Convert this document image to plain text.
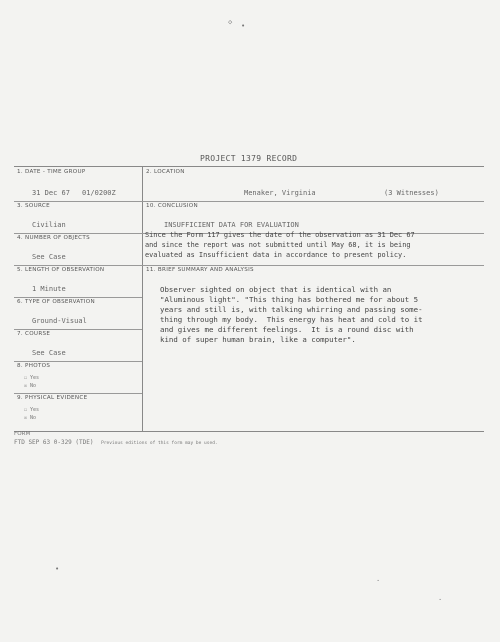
◇ •
PROJECT 1379 RECORD
1. DATE - TIME GROUP
31 Dec 67 01/0200Z
2. LOCATION
Menaker, Virginia	(3 Witnesses)
3. SOURCE
Civilian
10. CONCLUSION
INSUFFICIENT DATA FOR EVALUATION
Since the Form 117 gives the date of the observation as 31 Dec 67
and since the report was not submitted until May 68, it is being
evaluated as Insufficient data in accordance to present policy.
4. NUMBER OF OBJECTS
See Case
5. LENGTH OF OBSERVATION
1 Minute
11. BRIEF SUMMARY AND ANALYSIS
Observer sighted on object that is identical with an
"Aluminous light". "This thing has bothered me for about 5
years and still is, with talking whirring and passing some-
thing through my body.  This energy has heat and cold to it
and gives me different feelings.  It is a round disc with
kind of super human brain, like a computer".
6. TYPE OF OBSERVATION
Ground-Visual
7. COURSE
See Case
8. PHOTOS
☐ Yes
☒ No
9. PHYSICAL EVIDENCE
☐ Yes
☒ No
FORM
FTD SEP 63 0-329 (TDE) Previous editions of this form may be used.
•
·
·
